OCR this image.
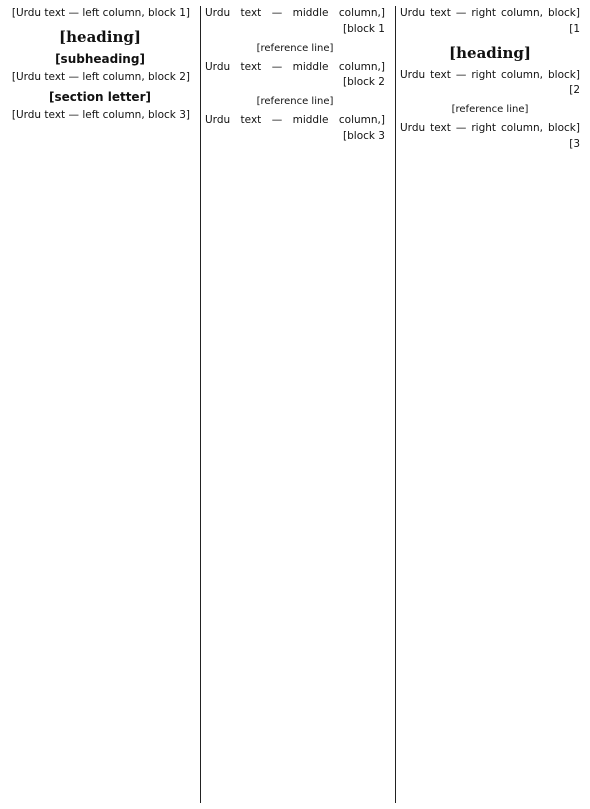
[Urdu text — right column, block 1]
[heading]
[Urdu text — right column, block 2]
[reference line]
[Urdu text — right column, block 3]
[Urdu text — middle column, block 1]
[reference line]
[Urdu text — middle column, block 2]
[reference line]
[Urdu text — middle column, block 3]
[Urdu text — left column, block 1]
[heading]
[subheading]
[Urdu text — left column, block 2]
[section letter]
[Urdu text — left column, block 3]
